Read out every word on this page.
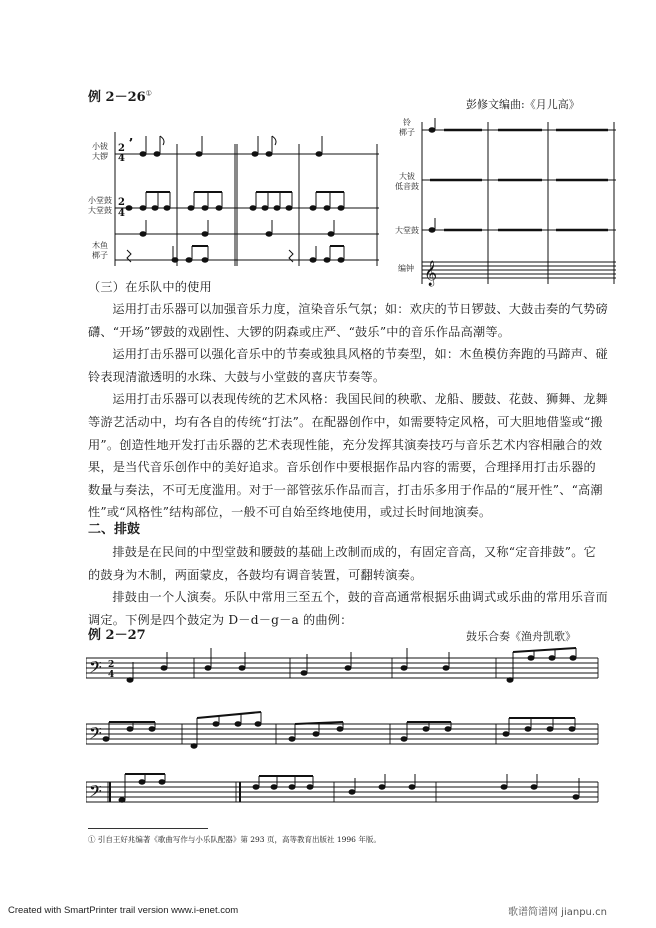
例 2－26①
彭修文编曲:《月儿高》
小钹
大锣
小堂鼓
大堂鼓
木鱼
梆子
铃
梆子
大钹
低音鼓
大堂鼓
编钟
2
4
2
4
ʼ
𝄞
（三）在乐队中的使用

运用打击乐器可以加强音乐力度，渲染音乐气氛；如：欢庆的节日锣鼓、大鼓击奏的气势磅礴、“开场”锣鼓的戏剧性、大锣的阴森或庄严、“鼓乐”中的音乐作品高潮等。

运用打击乐器可以强化音乐中的节奏或独具风格的节奏型，如：木鱼模仿奔跑的马蹄声、碰铃表现清澈透明的水珠、大鼓与小堂鼓的喜庆节奏等。

运用打击乐器可以表现传统的艺术风格：我国民间的秧歌、龙船、腰鼓、花鼓、狮舞、龙舞等游艺活动中，均有各自的传统“打法”。在配器创作中，如需要特定风格，可大胆地借鉴或“搬用”。创造性地开发打击乐器的艺术表现性能，充分发挥其演奏技巧与音乐艺术内容相融合的效果，是当代音乐创作中的美好追求。音乐创作中要根据作品内容的需要，合理择用打击乐器的数量与奏法，不可无度滥用。对于一部管弦乐作品而言，打击乐多用于作品的“展开性”、“高潮性”或“风格性”结构部位，一般不可自始至终地使用，或过长时间地演奏。

二、排鼓

排鼓是在民间的中型堂鼓和腰鼓的基础上改制而成的，有固定音高，又称“定音排鼓”。它的鼓身为木制，两面蒙皮，各鼓均有调音装置，可翻转演奏。

排鼓由一个人演奏。乐队中常用三至五个，鼓的音高通常根据乐曲调式或乐曲的常用乐音而调定。下例是四个鼓定为 D－d－g－a 的曲例：

例 2－27	鼓乐合奏《渔舟凯歌》
𝄢
𝄢
𝄢
2
4
① 引自王好兆编著《歌曲写作与小乐队配器》第 293 页，高等教育出版社 1996 年版。
Created with SmartPrinter trail version www.i-enet.com	歌谱简谱网 jianpu.cn
